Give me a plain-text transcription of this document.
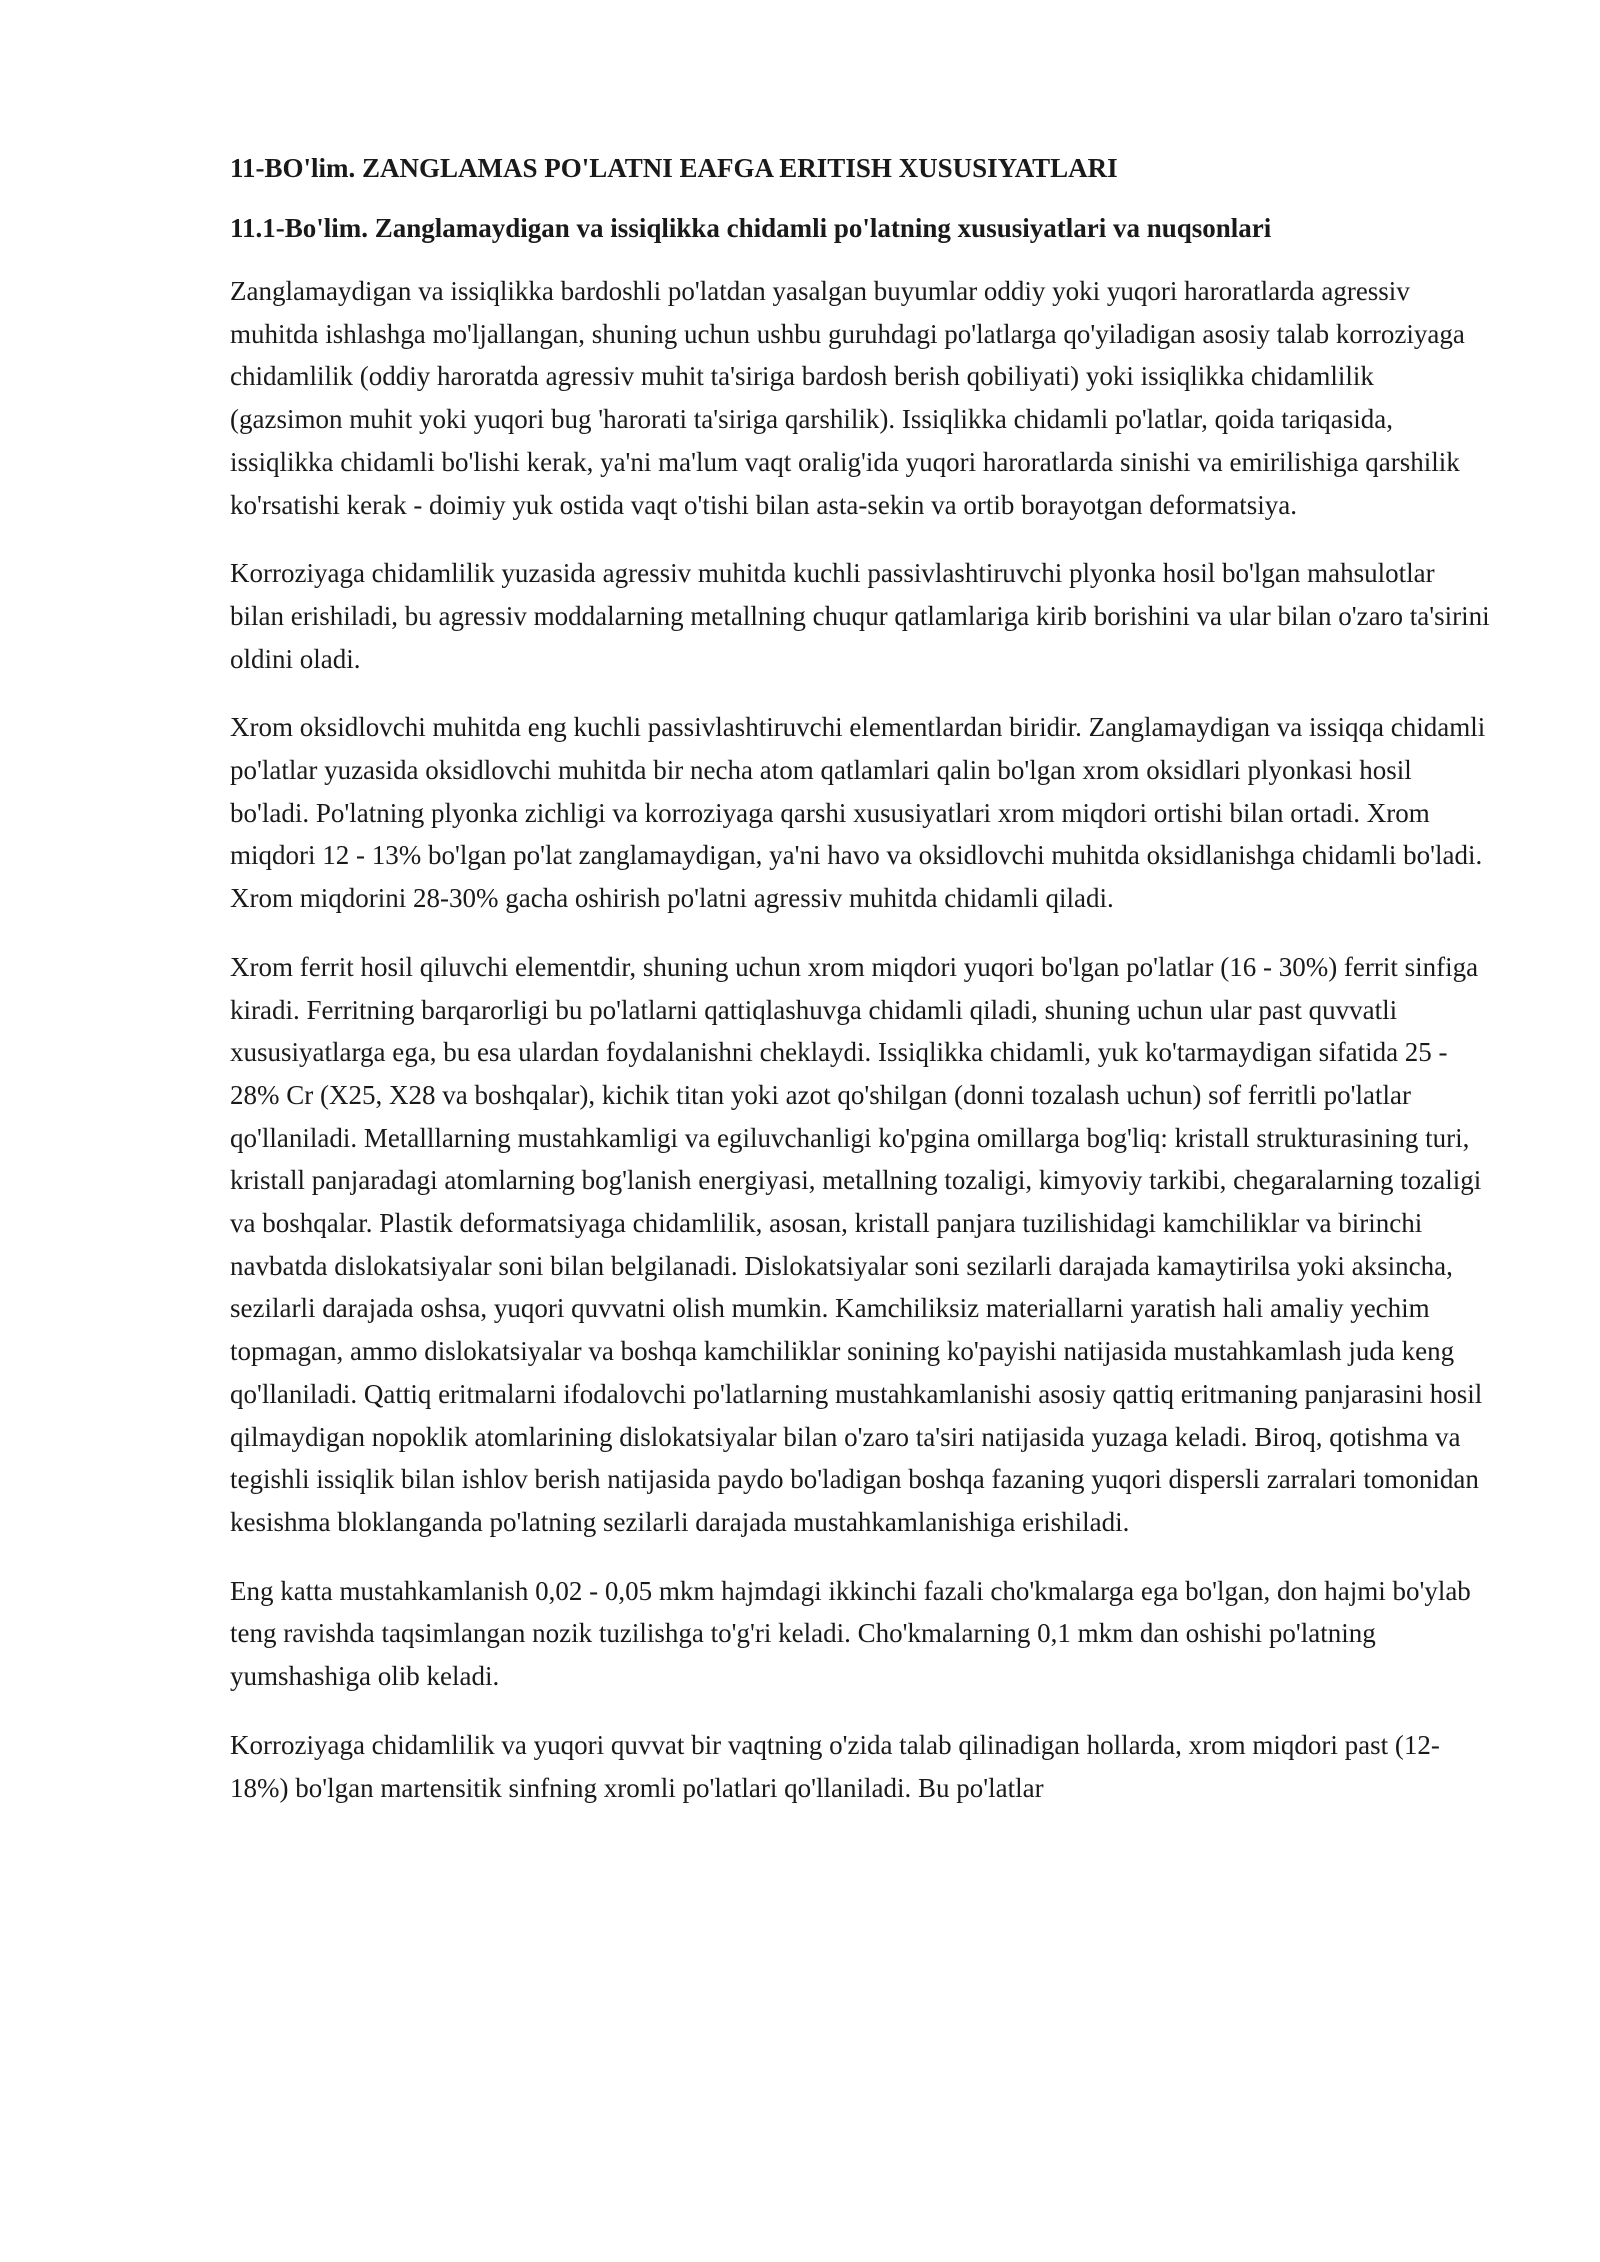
11-BO'lim. ZANGLAMAS PO'LATNI EAFGA ERITISH XUSUSIYATLARI
11.1-Bo'lim. Zanglamaydigan va issiqlikka chidamli po'latning xususiyatlari va nuqsonlari

Zanglamaydigan va issiqlikka bardoshli po'latdan yasalgan buyumlar oddiy yoki yuqori haroratlarda agressiv muhitda ishlashga mo'ljallangan, shuning uchun ushbu guruhdagi po'latlarga qo'yiladigan asosiy talab korroziyaga chidamlilik (oddiy haroratda agressiv muhit ta'siriga bardosh berish qobiliyati) yoki issiqlikka chidamlilik (gazsimon muhit yoki yuqori bug 'harorati ta'siriga qarshilik). Issiqlikka chidamli po'latlar, qoida tariqasida, issiqlikka chidamli bo'lishi kerak, ya'ni ma'lum vaqt oralig'ida yuqori haroratlarda sinishi va emirilishiga qarshilik ko'rsatishi kerak - doimiy yuk ostida vaqt o'tishi bilan asta-sekin va ortib borayotgan deformatsiya.

Korroziyaga chidamlilik yuzasida agressiv muhitda kuchli passivlashtiruvchi plyonka hosil bo'lgan mahsulotlar bilan erishiladi, bu agressiv moddalarning metallning chuqur qatlamlariga kirib borishini va ular bilan o'zaro ta'sirini oldini oladi.

Xrom oksidlovchi muhitda eng kuchli passivlashtiruvchi elementlardan biridir. Zanglamaydigan va issiqqa chidamli po'latlar yuzasida oksidlovchi muhitda bir necha atom qatlamlari qalin bo'lgan xrom oksidlari plyonkasi hosil bo'ladi. Po'latning plyonka zichligi va korroziyaga qarshi xususiyatlari xrom miqdori ortishi bilan ortadi. Xrom miqdori 12 - 13% bo'lgan po'lat zanglamaydigan, ya'ni havo va oksidlovchi muhitda oksidlanishga chidamli bo'ladi. Xrom miqdorini 28-30% gacha oshirish po'latni agressiv muhitda chidamli qiladi.

Xrom ferrit hosil qiluvchi elementdir, shuning uchun xrom miqdori yuqori bo'lgan po'latlar (16 - 30%) ferrit sinfiga kiradi. Ferritning barqarorligi bu po'latlarni qattiqlashuvga chidamli qiladi, shuning uchun ular past quvvatli xususiyatlarga ega, bu esa ulardan foydalanishni cheklaydi. Issiqlikka chidamli, yuk ko'tarmaydigan sifatida 25 - 28% Cr (X25, X28 va boshqalar), kichik titan yoki azot qo'shilgan (donni tozalash uchun) sof ferritli po'latlar qo'llaniladi. Metalllarning mustahkamligi va egiluvchanligi ko'pgina omillarga bog'liq: kristall strukturasining turi, kristall panjaradagi atomlarning bog'lanish energiyasi, metallning tozaligi, kimyoviy tarkibi, chegaralarning tozaligi va boshqalar. Plastik deformatsiyaga chidamlilik, asosan, kristall panjara tuzilishidagi kamchiliklar va birinchi navbatda dislokatsiyalar soni bilan belgilanadi. Dislokatsiyalar soni sezilarli darajada kamaytirilsa yoki aksincha, sezilarli darajada oshsa, yuqori quvvatni olish mumkin. Kamchiliksiz materiallarni yaratish hali amaliy yechim topmagan, ammo dislokatsiyalar va boshqa kamchiliklar sonining ko'payishi natijasida mustahkamlash juda keng qo'llaniladi. Qattiq eritmalarni ifodalovchi po'latlarning mustahkamlanishi asosiy qattiq eritmaning panjarasini hosil qilmaydigan nopoklik atomlarining dislokatsiyalar bilan o'zaro ta'siri natijasida yuzaga keladi. Biroq, qotishma va tegishli issiqlik bilan ishlov berish natijasida paydo bo'ladigan boshqa fazaning yuqori dispersli zarralari tomonidan kesishma bloklanganda po'latning sezilarli darajada mustahkamlanishiga erishiladi.

Eng katta mustahkamlanish 0,02 - 0,05 mkm hajmdagi ikkinchi fazali cho'kmalarga ega bo'lgan, don hajmi bo'ylab teng ravishda taqsimlangan nozik tuzilishga to'g'ri keladi. Cho'kmalarning 0,1 mkm dan oshishi po'latning yumshashiga olib keladi.

Korroziyaga chidamlilik va yuqori quvvat bir vaqtning o'zida talab qilinadigan hollarda, xrom miqdori past (12-18%) bo'lgan martensitik sinfning xromli po'latlari qo'llaniladi. Bu po'latlar
